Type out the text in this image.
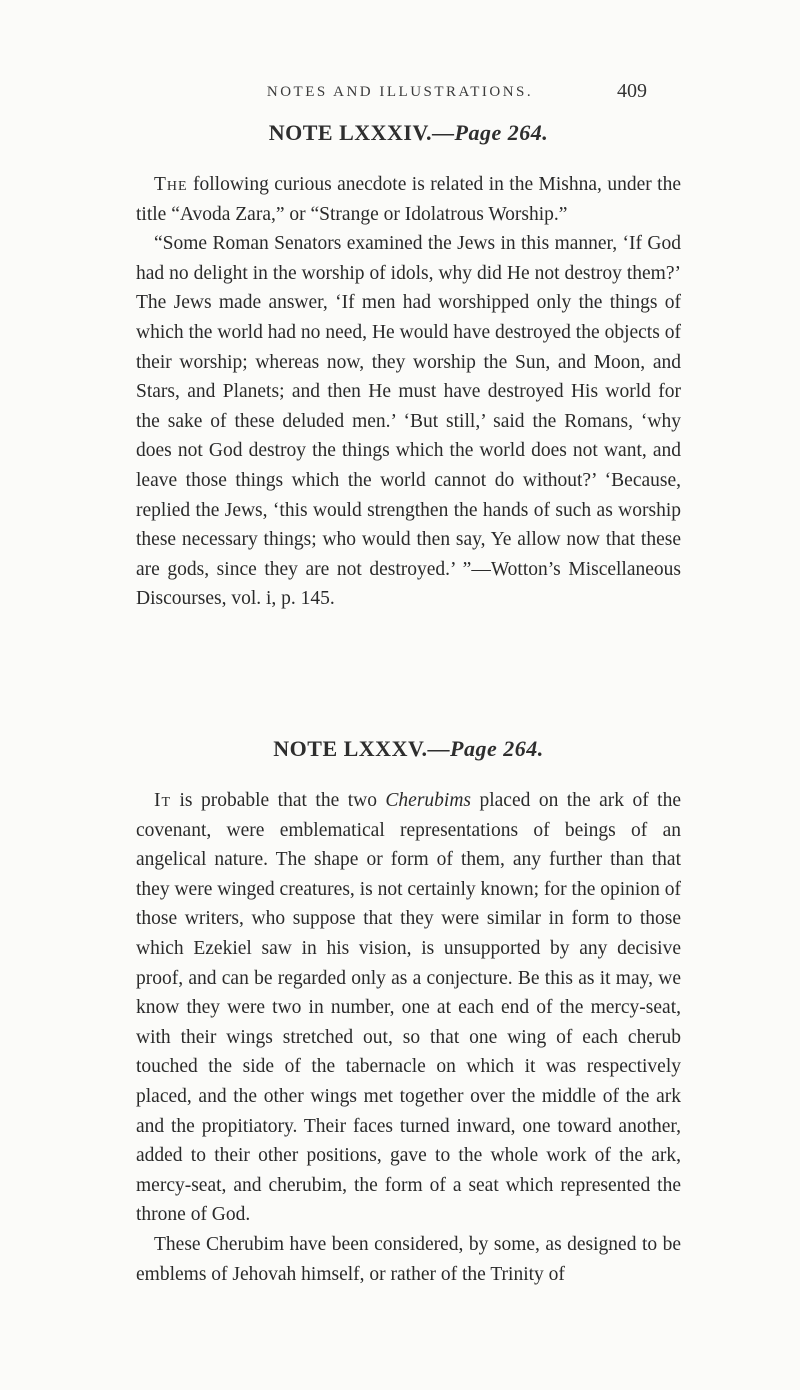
NOTES AND ILLUSTRATIONS.	409
NOTE LXXXIV.—Page 264.

The following curious anecdote is related in the Mishna, under the title “Avoda Zara,” or “Strange or Idolatrous Worship.”

“Some Roman Senators examined the Jews in this manner, ‘If God had no delight in the worship of idols, why did He not destroy them?’ The Jews made answer, ‘If men had worshipped only the things of which the world had no need, He would have destroyed the objects of their worship; whereas now, they worship the Sun, and Moon, and Stars, and Planets; and then He must have destroyed His world for the sake of these deluded men.’ ‘But still,’ said the Romans, ‘why does not God destroy the things which the world does not want, and leave those things which the world cannot do without?’ ‘Because, replied the Jews, ‘this would strengthen the hands of such as worship these necessary things; who would then say, Ye allow now that these are gods, since they are not destroyed.’ ”—Wotton’s Miscellaneous Discourses, vol. i, p. 145.

NOTE LXXXV.—Page 264.

It is probable that the two Cherubims placed on the ark of the covenant, were emblematical representations of beings of an angelical nature. The shape or form of them, any further than that they were winged creatures, is not certainly known; for the opinion of those writers, who suppose that they were similar in form to those which Ezekiel saw in his vision, is unsupported by any decisive proof, and can be regarded only as a conjecture. Be this as it may, we know they were two in number, one at each end of the mercy-seat, with their wings stretched out, so that one wing of each cherub touched the side of the tabernacle on which it was respectively placed, and the other wings met together over the middle of the ark and the propitiatory. Their faces turned inward, one toward another, added to their other positions, gave to the whole work of the ark, mercy-seat, and cherubim, the form of a seat which represented the throne of God.

These Cherubim have been considered, by some, as designed to be emblems of Jehovah himself, or rather of the Trinity of
